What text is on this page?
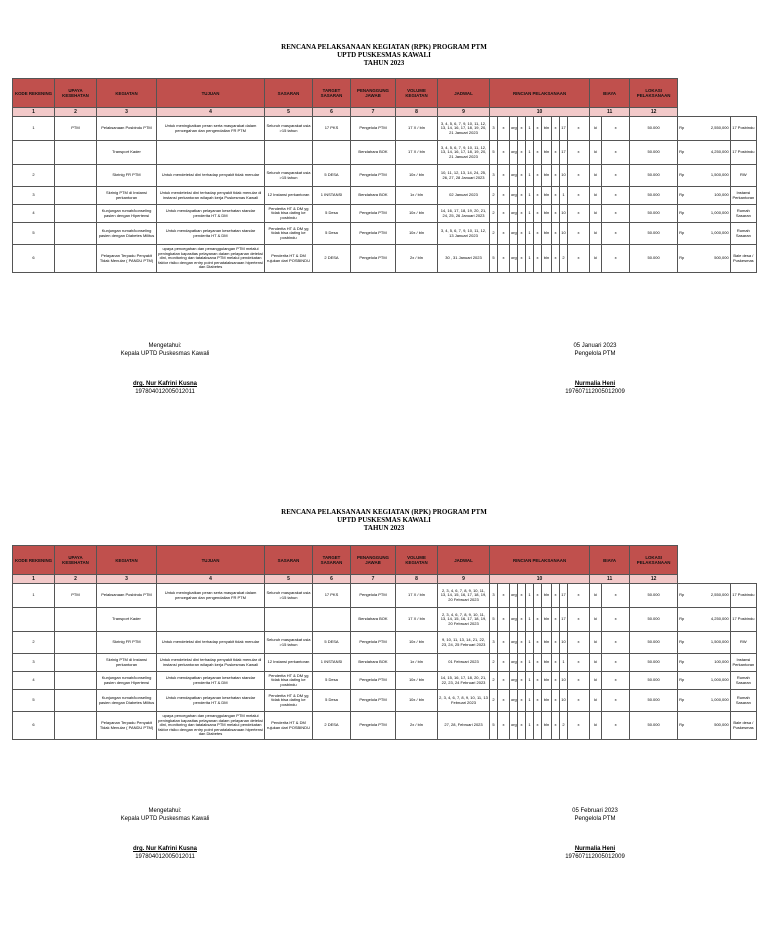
RENCANA PELAKSANAAN KEGIATAN (RPK) PROGRAM PTM
UPTD PUSKESMAS KAWALI
TAHUN 2023
KODE REKENING	UPAYA KESEHATAN	KEGIATAN	TUJUAN	SASARAN	TARGET SASARAN	PENANGGUNG JAWAB	VOLUME KEGIATAN	JADWAL	RINCIAN PELAKSANAAN										BIAYA		LOKASI PELAKSANAAN			
1	2	3	4	5	6	7	8	9	10										11		12			
1	PTM	Pelaksanaan Posbindu PTM	Untuk meningkatkan peran serta masyarakat dalam pencegahan dan pengendalian FR PTM	Seluruh masyarakat usia >15 tahun	17 PKS	Pengelola PTM	17 X / bln	3, 4, 5, 6, 7, 9, 10, 11, 12, 13, 14, 16, 17, 18, 19, 20, 21 Januari 2023	3	x	org	x	1	x	bln	x	17	x	ki	x	50.000	Rp	2,550,000	17 Posbindu
		Transport Kader				Bendahara BOK	17 X / bln	3, 4, 5, 6, 7, 9, 10, 11, 12, 13, 14, 16, 17, 18, 19, 20, 21 Januari 2023	5	x	org	x	1	x	bln	x	17	x	ki	x	50.000	Rp	4,250,000	17 Posbindu
2		Skrinig FR PTM	Untuk mendeteksi dini terhadap penyakit tidak menular	Seluruh masyarakat usia >15 tahun	5 DESA	Pengelola PTM	10x / bln	10, 11, 12, 13, 14, 24, 25, 26, 27, 28 Januari 2023	3	x	org	x	1	x	bln	x	10	x	ki	x	50.000	Rp	1,500,000	RW
3		Skrinig PTM di Instansi perkantoran	Untuk mendeteksi dini terhadap penyakit tidak menular di instansi perkantoran wilayah kerja Puskesmas Kawali	12 Instansi perkantoran	1 INSTANSI	Bendahara BOK	1x / bln	02 Januari 2023	2	x	org	x	1	x	bln	x	1	x	ki	x	50.000	Rp	100,000	Instansi Perkantoran
4		Kunjungan rumah/konseling pasien dengan Hipertensi	Untuk mendapatkan pelayanan kesehatan standar penderita HT & DM	Penderita HT & DM yg tidak bisa dating ke posbindu	5 Desa	Pengelola PTM	10x / bln	14, 16, 17, 18, 19, 20, 21, 24, 25, 26 Januari 2023	2	x	org	x	1	x	bln	x	10	x	ki	x	50.000	Rp	1,000,000	Rumah Sasaran
5		Kunjungan rumah/konseling pasien dengan Diabetes Militus	Untuk mendapatkan pelayanan kesehatan standar penderita HT & DM	Penderita HT & DM yg tidak bisa dating ke posbindu	5 Desa	Pengelola PTM	10x / bln	3, 4, 5, 6, 7, 9, 10, 11, 12, 13 Januari 2023	2	x	org	x	1	x	bln	x	10	x	ki	x	50.000	Rp	1,000,000	Rumah Sasaran
6		Pelayanan Terpadu Penyakit Tidak Menular ( PANDU PTM)	upaya pencegahan dan penanggulangan PTM melalui peningkatan kapasitas pelayanan dalam pelayanan deteksi dini, monitoring dan tatalaksana PTM melalui pendekatan faktor risiko dengan entry point penatalaksanaan hipertensi dan Diabetes	Penderita HT & DM rujukan dari POSBINDU	2 DESA	Pengelola PTM	2x / bln	30 , 31 Januari 2023	5	x	org	x	1	x	bln	x	2	x	ki	x	50.000	Rp	500,000	Bale desa / Puskesmas
Mengetahui:
Kepala UPTD Puskesmas Kawali
drg. Nur Kafrini Kusna
197804012005012011
05 Januari 2023
Pengelola PTM
Nurmalia Heni
197607112005012009
RENCANA PELAKSANAAN KEGIATAN (RPK) PROGRAM PTM
UPTD PUSKESMAS KAWALI
TAHUN 2023
KODE REKENING	UPAYA KESEHATAN	KEGIATAN	TUJUAN	SASARAN	TARGET SASARAN	PENANGGUNG JAWAB	VOLUME KEGIATAN	JADWAL	RINCIAN PELAKSANAAN										BIAYA		LOKASI PELAKSANAAN			
1	2	3	4	5	6	7	8	9	10										11		12			
1	PTM	Pelaksanaan Posbindu PTM	Untuk meningkatkan peran serta masyarakat dalam pencegahan dan pengendalian FR PTM	Seluruh masyarakat usia >15 tahun	17 PKS	Pengelola PTM	17 X / bln	2, 3, 4, 6, 7, 8, 9, 10, 11, 13, 14, 15, 16, 17, 18, 19, 20 Februari 2023	3	x	org	x	1	x	bln	x	17	x	ki	x	50.000	Rp	2,550,000	17 Posbindu
		Transport Kader				Bendahara BOK	17 X / bln	2, 3, 4, 6, 7, 8, 9, 10, 11, 13, 14, 15, 16, 17, 18, 19, 20 Februari 2023	5	x	org	x	1	x	bln	x	17	x	ki	x	50.000	Rp	4,250,000	17 Posbindu
2		Skrinig FR PTM	Untuk mendeteksi dini terhadap penyakit tidak menular	Seluruh masyarakat usia >15 tahun	5 DESA	Pengelola PTM	10x / bln	9, 10, 11, 13, 14, 21, 22, 23, 24, 25 Februari 2023	3	x	org	x	1	x	bln	x	10	x	ki	x	50.000	Rp	1,500,000	RW
3		Skrinig PTM di Instansi perkantoran	Untuk mendeteksi dini terhadap penyakit tidak menular di instansi perkantoran wilayah kerja Puskesmas Kawali	12 Instansi perkantoran	1 INSTANSI	Bendahara BOK	1x / bln	01 Februari 2023	2	x	org	x	1	x	bln	x	1	x	ki	x	50.000	Rp	100,000	Instansi Perkantoran
4		Kunjungan rumah/konseling pasien dengan Hipertensi	Untuk mendapatkan pelayanan kesehatan standar penderita HT & DM	Penderita HT & DM yg tidak bisa dating ke posbindu	5 Desa	Pengelola PTM	10x / bln	14, 15, 16, 17, 18, 20, 21, 22, 23, 24 Februari 2023	2	x	org	x	1	x	bln	x	10	x	ki	x	50.000	Rp	1,000,000	Rumah Sasaran
5		Kunjungan rumah/konseling pasien dengan Diabetes Militus	Untuk mendapatkan pelayanan kesehatan standar penderita HT & DM	Penderita HT & DM yg tidak bisa dating ke posbindu	5 Desa	Pengelola PTM	10x / bln	2, 3, 4, 6, 7, 8, 9, 10, 11, 13 Februari 2023	2	x	org	x	1	x	bln	x	10	x	ki	x	50.000	Rp	1,000,000	Rumah Sasaran
6		Pelayanan Terpadu Penyakit Tidak Menular ( PANDU PTM)	upaya pencegahan dan penanggulangan PTM melalui peningkatan kapasitas pelayanan dalam pelayanan deteksi dini, monitoring dan tatalaksana PTM melalui pendekatan faktor risiko dengan entry point penatalaksanaan hipertensi dan Diabetes	Penderita HT & DM rujukan dari POSBINDU	2 DESA	Pengelola PTM	2x / bln	27, 28, Februari 2023	5	x	org	x	1	x	bln	x	2	x	ki	x	50.000	Rp	500,000	Bale desa / Puskesmas
Mengetahui:
Kepala UPTD Puskesmas Kawali
drg. Nur Kafrini Kusna
197804012005012011
05 Februari 2023
Pengelola PTM
Nurmalia Heni
197607112005012009
